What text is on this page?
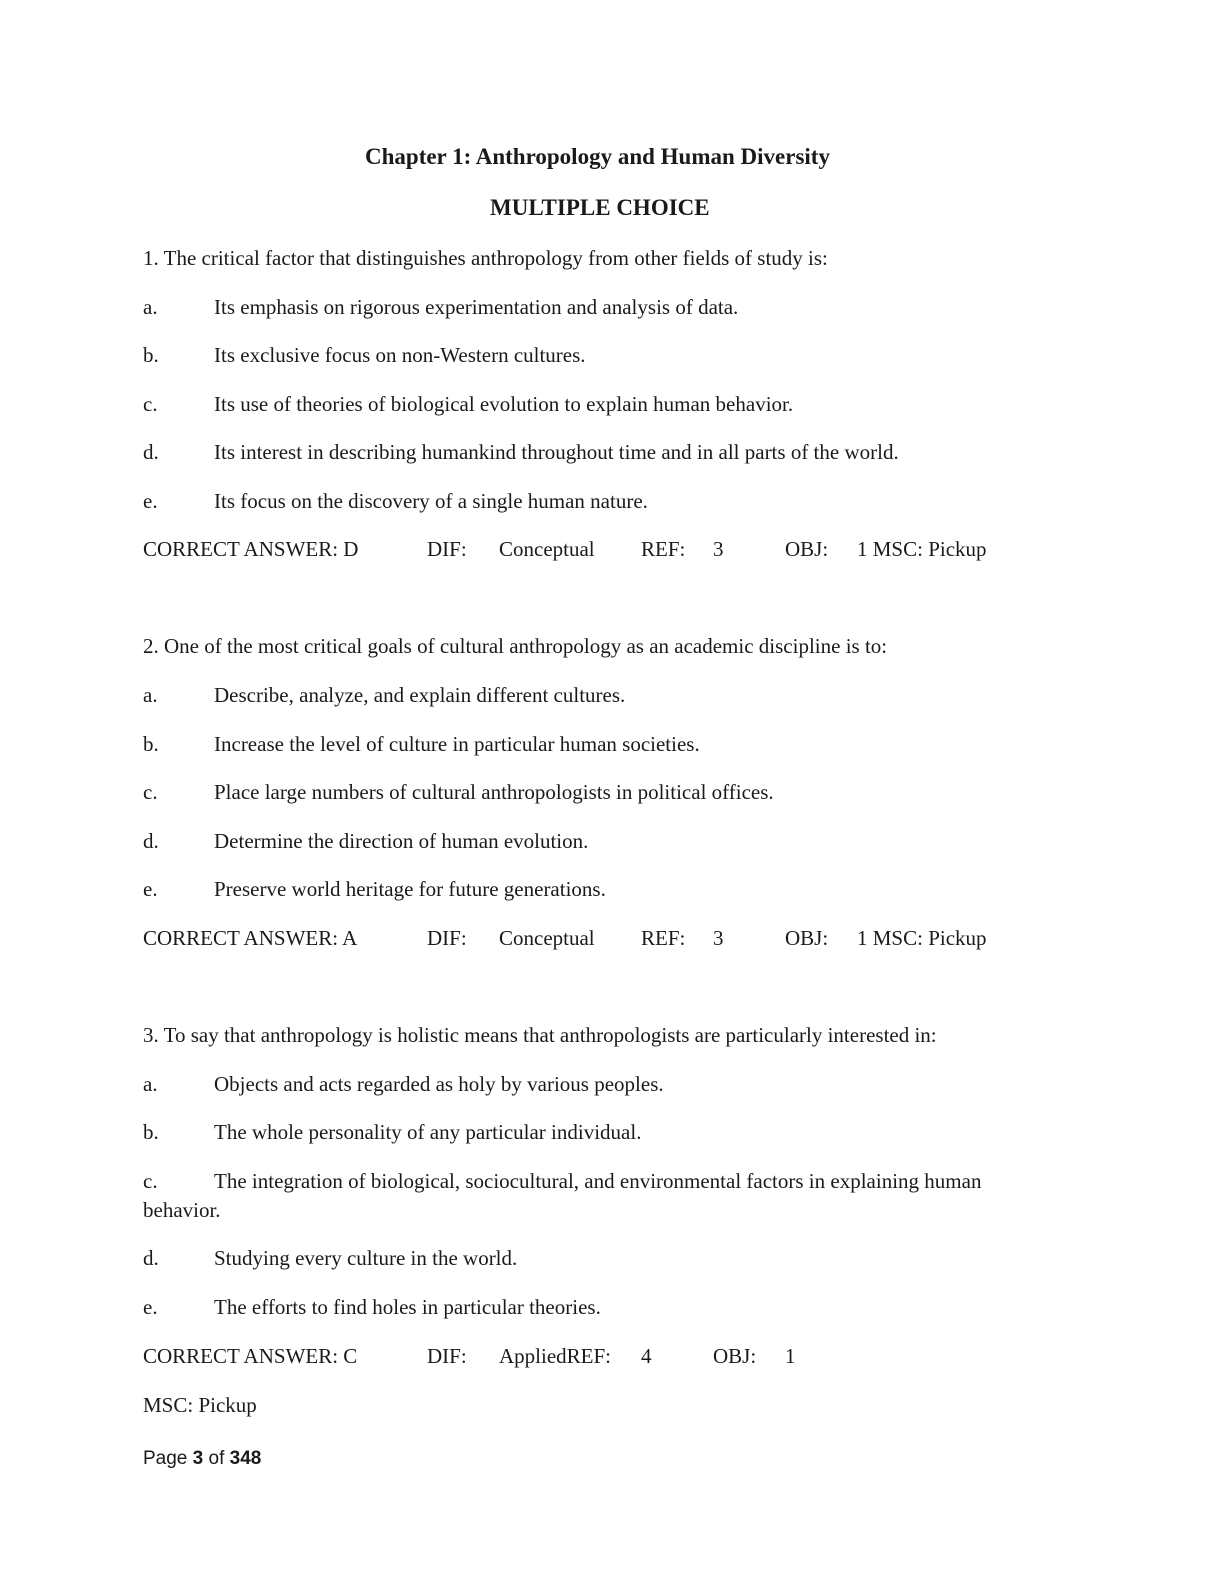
Chapter 1: Anthropology and Human Diversity
MULTIPLE CHOICE
1. The critical factor that distinguishes anthropology from other fields of study is:
a.	Its emphasis on rigorous experimentation and analysis of data.
b.	Its exclusive focus on non-Western cultures.
c.	Its use of theories of biological evolution to explain human behavior.
d.	Its interest in describing humankind throughout time and in all parts of the world.
e.	Its focus on the discovery of a single human nature.
CORRECT ANSWER: D	DIF: Conceptual REF: 3	OBJ: 1 MSC: Pickup
2. One of the most critical goals of cultural anthropology as an academic discipline is to:
a.	Describe, analyze, and explain different cultures.
b.	Increase the level of culture in particular human societies.
c.	Place large numbers of cultural anthropologists in political offices.
d.	Determine the direction of human evolution.
e.	Preserve world heritage for future generations.
CORRECT ANSWER: A	DIF: Conceptual REF: 3	OBJ: 1 MSC: Pickup
3. To say that anthropology is holistic means that anthropologists are particularly interested in:
a.	Objects and acts regarded as holy by various peoples.
b.	The whole personality of any particular individual.
c.	The integration of biological, sociocultural, and environmental factors in explaining human
behavior.
d.	Studying every culture in the world.
e.	The efforts to find holes in particular theories.
CORRECT ANSWER: C	DIF: AppliedREF: 4	OBJ: 1
MSC: Pickup
Page 3 of 348
